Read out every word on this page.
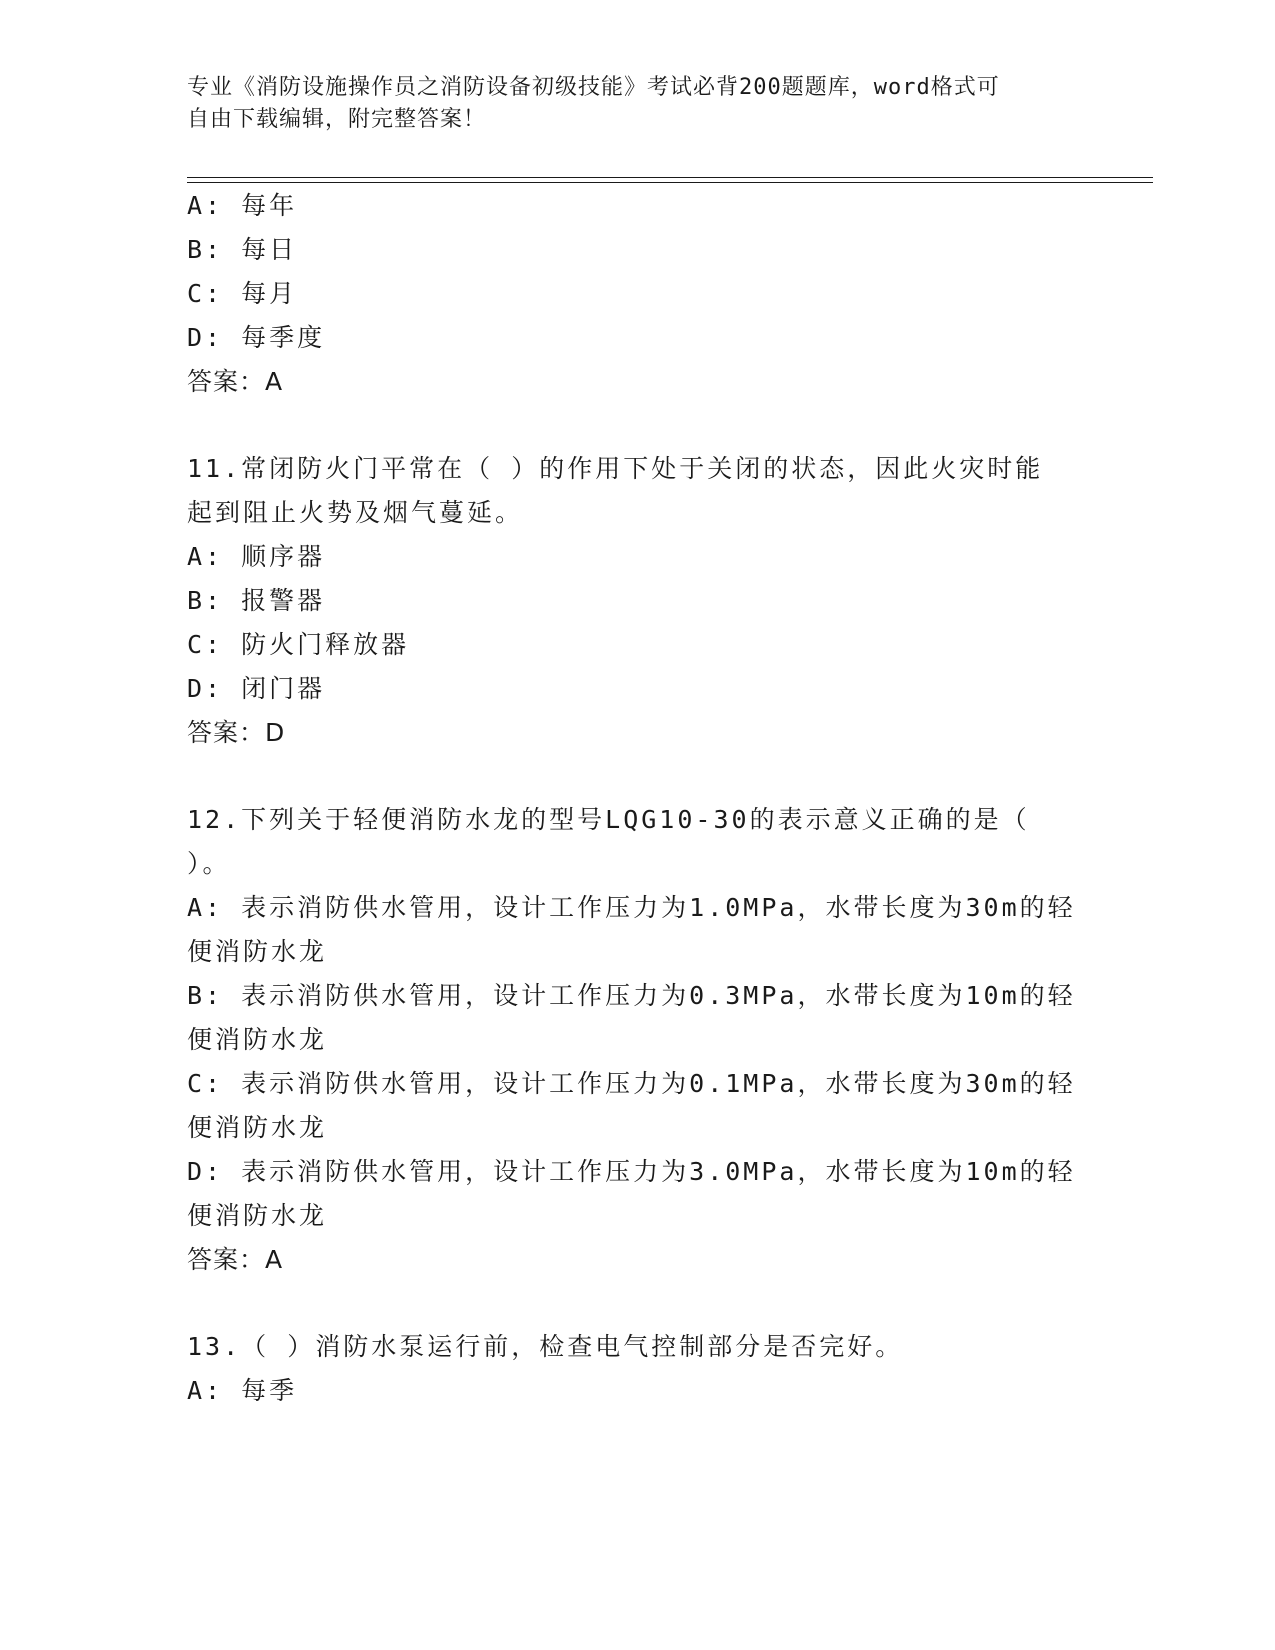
专业《消防设施操作员之消防设备初级技能》考试必背200题题库，word格式可
自由下载编辑，附完整答案！
A: 每年
B: 每日
C: 每月
D: 每季度
答案：A
11.常闭防火门平常在（ ）的作用下处于关闭的状态，因此火灾时能
起到阻止火势及烟气蔓延。
A: 顺序器
B: 报警器
C: 防火门释放器
D: 闭门器
答案：D
12.下列关于轻便消防水龙的型号LQG10-30的表示意义正确的是（
）。
A: 表示消防供水管用，设计工作压力为1.0MPa，水带长度为30m的轻
便消防水龙
B: 表示消防供水管用，设计工作压力为0.3MPa，水带长度为10m的轻
便消防水龙
C: 表示消防供水管用，设计工作压力为0.1MPa，水带长度为30m的轻
便消防水龙
D: 表示消防供水管用，设计工作压力为3.0MPa，水带长度为10m的轻
便消防水龙
答案：A
13.（ ）消防水泵运行前，检查电气控制部分是否完好。
A: 每季
